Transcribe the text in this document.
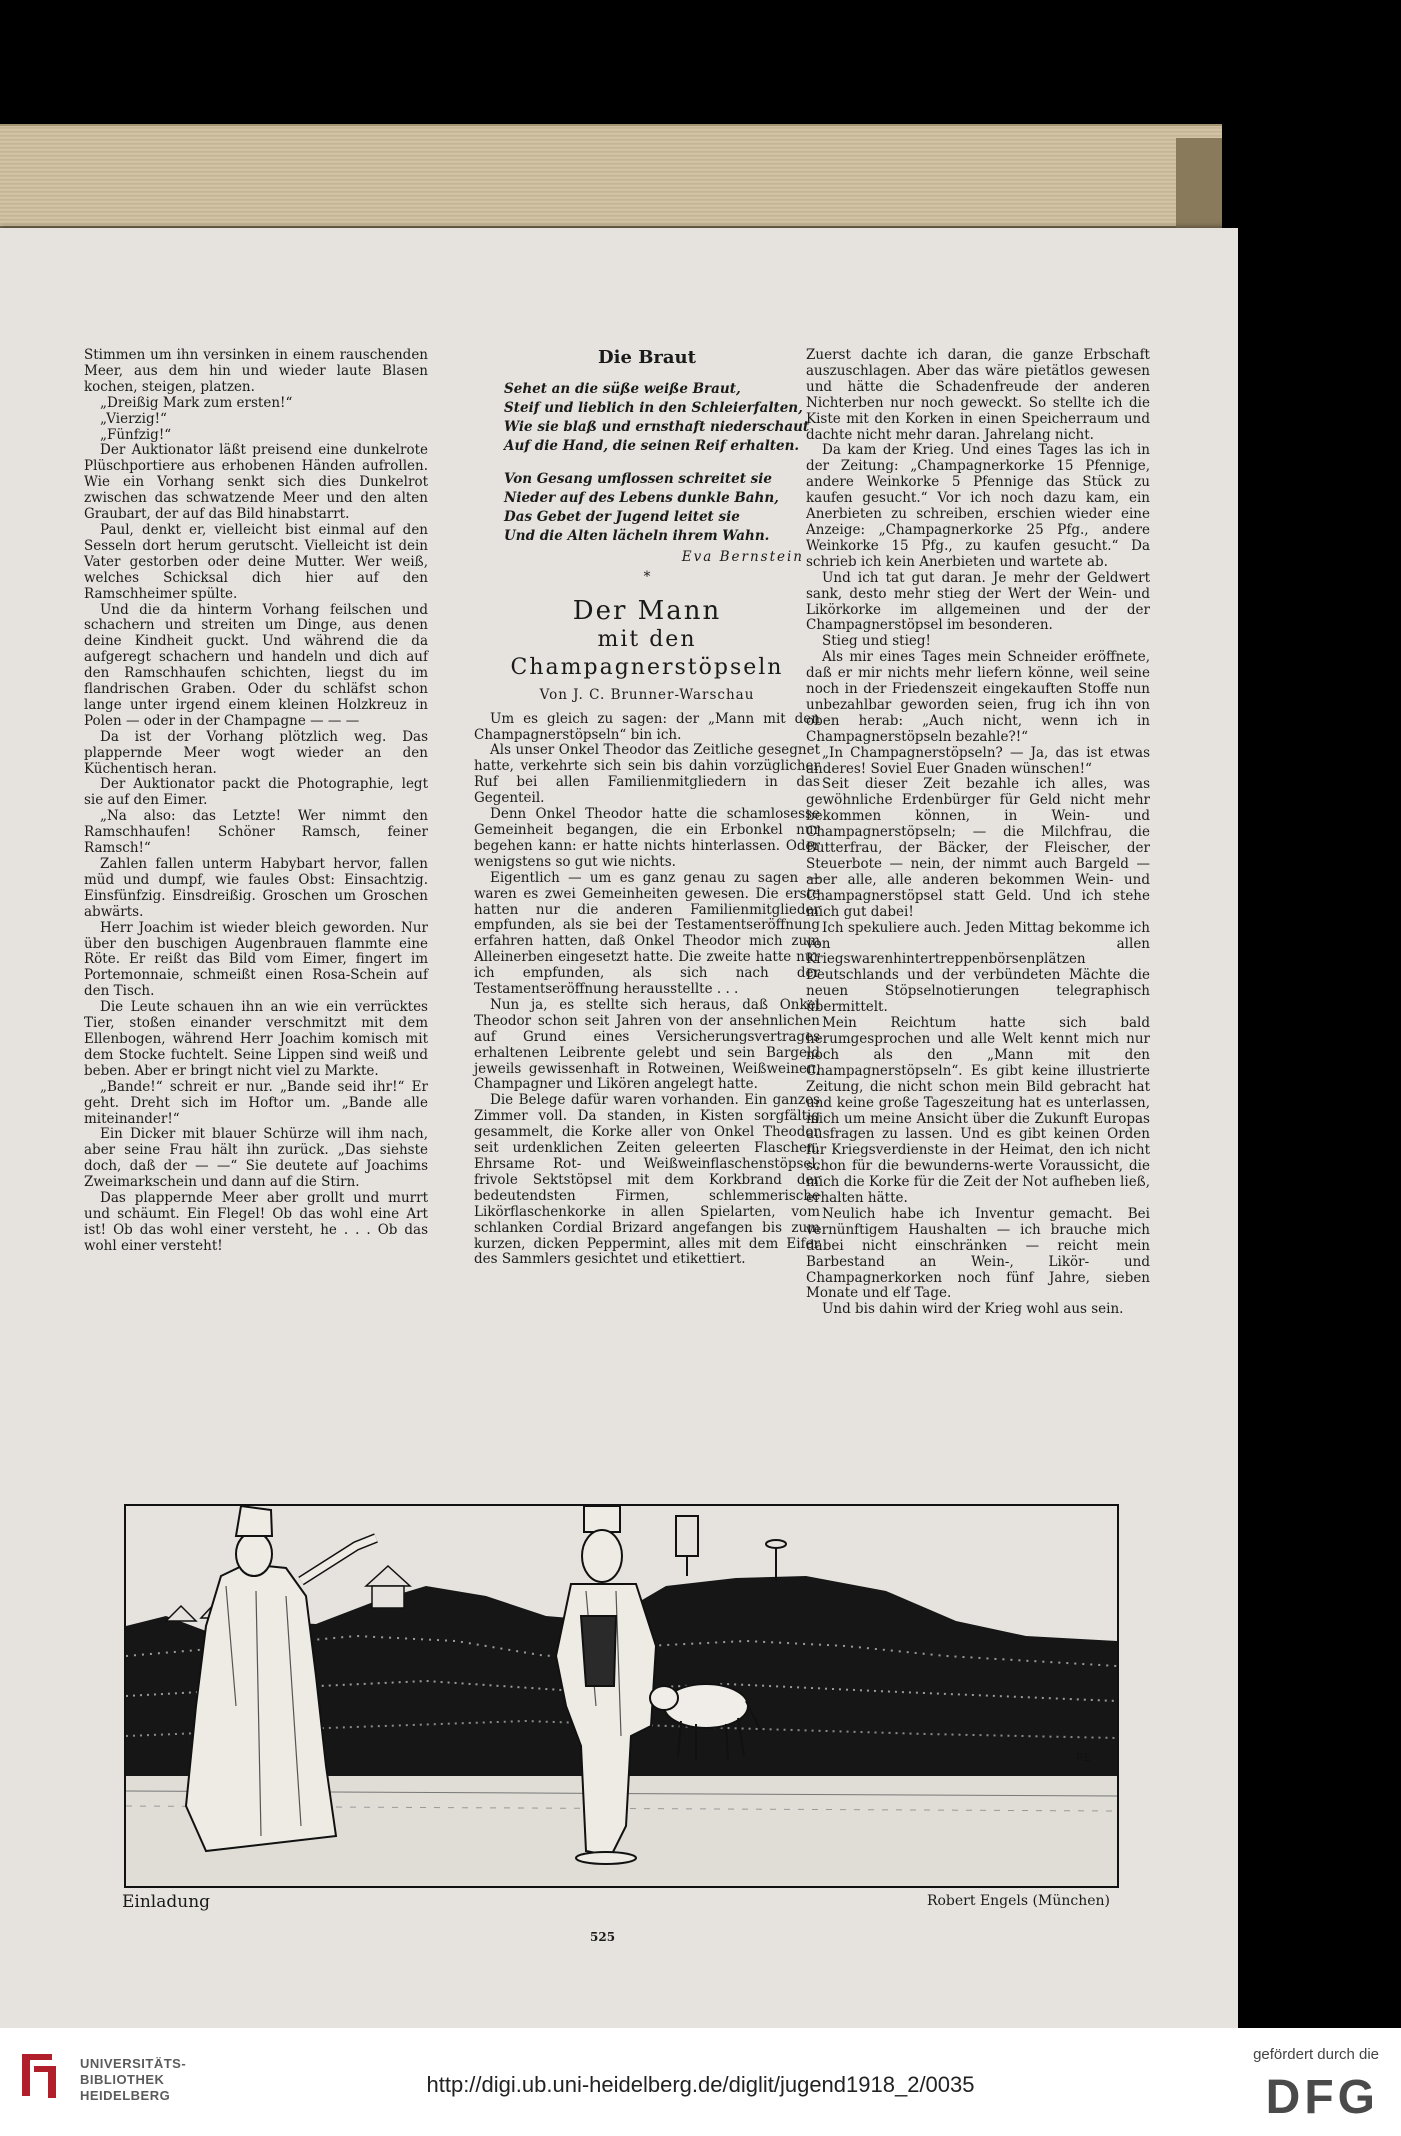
Stimmen um ihn versinken in einem rauschenden Meer, aus dem hin und wieder laute Blasen kochen, steigen, platzen.

„Dreißig Mark zum ersten!“

„Vierzig!“

„Fünfzig!“

Der Auktionator läßt preisend eine dunkelrote Plüschportiere aus erhobenen Händen aufrollen. Wie ein Vorhang senkt sich dies Dunkelrot zwischen das schwatzende Meer und den alten Graubart, der auf das Bild hinabstarrt.

Paul, denkt er, vielleicht bist einmal auf den Sesseln dort herum gerutscht. Vielleicht ist dein Vater gestorben oder deine Mutter. Wer weiß, welches Schicksal dich hier auf den Ramschheimer spülte.

Und die da hinterm Vorhang feilschen und schachern und streiten um Dinge, aus denen deine Kindheit guckt. Und während die da aufgeregt schachern und handeln und dich auf den Ramschhaufen schichten, liegst du im flandrischen Graben. Oder du schläfst schon lange unter irgend einem kleinen Holzkreuz in Polen — oder in der Champagne — — —

Da ist der Vorhang plötzlich weg. Das plappernde Meer wogt wieder an den Küchentisch heran.

Der Auktionator packt die Photographie, legt sie auf den Eimer.

„Na also: das Letzte! Wer nimmt den Ramschhaufen! Schöner Ramsch, feiner Ramsch!“

Zahlen fallen unterm Habybart hervor, fallen müd und dumpf, wie faules Obst: Einsachtzig. Einsfünfzig. Einsdreißig. Groschen um Groschen abwärts.

Herr Joachim ist wieder bleich geworden. Nur über den buschigen Augenbrauen flammte eine Röte. Er reißt das Bild vom Eimer, fingert im Portemonnaie, schmeißt einen Rosa-Schein auf den Tisch.

Die Leute schauen ihn an wie ein verrücktes Tier, stoßen einander verschmitzt mit dem Ellenbogen, während Herr Joachim komisch mit dem Stocke fuchtelt. Seine Lippen sind weiß und beben. Aber er bringt nicht viel zu Markte.

„Bande!“ schreit er nur. „Bande seid ihr!“ Er geht. Dreht sich im Hoftor um. „Bande alle miteinander!“

Ein Dicker mit blauer Schürze will ihm nach, aber seine Frau hält ihn zurück. „Das siehste doch, daß der — —“ Sie deutete auf Joachims Zweimarkschein und dann auf die Stirn.

Das plappernde Meer aber grollt und murrt und schäumt. Ein Flegel! Ob das wohl eine Art ist! Ob das wohl einer versteht, he . . . Ob das wohl einer versteht!

Die Braut
Sehet an die süße weiße Braut,
Steif und lieblich in den Schleierfalten,
Wie sie blaß und ernsthaft niederschaut
Auf die Hand, die seinen Reif erhalten.
Von Gesang umflossen schreitet sie
Nieder auf des Lebens dunkle Bahn,
Das Gebet der Jugend leitet sie
Und die Alten lächeln ihrem Wahn.
Eva Bernstein
*
Der Mann
mit den Champagnerstöpseln
Von J. C. Brunner-Warschau

Um es gleich zu sagen: der „Mann mit den Champagnerstöpseln“ bin ich.

Als unser Onkel Theodor das Zeitliche gesegnet hatte, verkehrte sich sein bis dahin vorzüglicher Ruf bei allen Familienmitgliedern in das Gegenteil.

Denn Onkel Theodor hatte die schamlosesse Gemeinheit begangen, die ein Erbonkel nur begehen kann: er hatte nichts hinterlassen. Oder wenigstens so gut wie nichts.

Eigentlich — um es ganz genau zu sagen — waren es zwei Gemeinheiten gewesen. Die erste hatten nur die anderen Familienmitglieder empfunden, als sie bei der Testamentseröffnung erfahren hatten, daß Onkel Theodor mich zum Alleinerben eingesetzt hatte. Die zweite hatte nur ich empfunden, als sich nach der Testamentseröffnung herausstellte . . .

Nun ja, es stellte sich heraus, daß Onkel Theodor schon seit Jahren von der ansehnlichen auf Grund eines Versicherungsvertrages erhaltenen Leibrente gelebt und sein Bargeld jeweils gewissenhaft in Rotweinen, Weißweinen, Champagner und Likören angelegt hatte.

Die Belege dafür waren vorhanden. Ein ganzes Zimmer voll. Da standen, in Kisten sorgfältig gesammelt, die Korke aller von Onkel Theodor seit urdenklichen Zeiten geleerten Flaschen. Ehrsame Rot- und Weißweinflaschenstöpsel, frivole Sektstöpsel mit dem Korkbrand der bedeutendsten Firmen, schlemmerische Likörflaschenkorke in allen Spielarten, vom schlanken Cordial Brizard angefangen bis zum kurzen, dicken Peppermint, alles mit dem Eifer des Sammlers gesichtet und etikettiert.

Zuerst dachte ich daran, die ganze Erbschaft auszuschlagen. Aber das wäre pietätlos gewesen und hätte die Schadenfreude der anderen Nichterben nur noch geweckt. So stellte ich die Kiste mit den Korken in einen Speicherraum und dachte nicht mehr daran. Jahrelang nicht.

Da kam der Krieg. Und eines Tages las ich in der Zeitung: „Champagnerkorke 15 Pfennige, andere Weinkorke 5 Pfennige das Stück zu kaufen gesucht.“ Vor ich noch dazu kam, ein Anerbieten zu schreiben, erschien wieder eine Anzeige: „Champagnerkorke 25 Pfg., andere Weinkorke 15 Pfg., zu kaufen gesucht.“ Da schrieb ich kein Anerbieten und wartete ab.

Und ich tat gut daran. Je mehr der Geldwert sank, desto mehr stieg der Wert der Wein- und Likörkorke im allgemeinen und der der Champagnerstöpsel im besonderen.

Stieg und stieg!

Als mir eines Tages mein Schneider eröffnete, daß er mir nichts mehr liefern könne, weil seine noch in der Friedenszeit eingekauften Stoffe nun unbezahlbar geworden seien, frug ich ihn von oben herab: „Auch nicht, wenn ich in Champagnerstöpseln bezahle?!“

„In Champagnerstöpseln? — Ja, das ist etwas anderes! Soviel Euer Gnaden wünschen!“

Seit dieser Zeit bezahle ich alles, was gewöhnliche Erdenbürger für Geld nicht mehr bekommen können, in Wein- und Champagnerstöpseln; — die Milchfrau, die Butterfrau, der Bäcker, der Fleischer, der Steuerbote — nein, der nimmt auch Bargeld — aber alle, alle anderen bekommen Wein- und Champagnerstöpsel statt Geld. Und ich stehe mich gut dabei!

Ich spekuliere auch. Jeden Mittag bekomme ich von allen Kriegswarenhintertreppenbörsenplätzen Deutschlands und der verbündeten Mächte die neuen Stöpselnotierungen telegraphisch übermittelt.

Mein Reichtum hatte sich bald herumgesprochen und alle Welt kennt mich nur noch als den „Mann mit den Champagnerstöpseln“. Es gibt keine illustrierte Zeitung, die nicht schon mein Bild gebracht hat und keine große Tageszeitung hat es unterlassen, mich um meine Ansicht über die Zukunft Europas ausfragen zu lassen. Und es gibt keinen Orden für Kriegsverdienste in der Heimat, den ich nicht schon für die bewunderns-werte Voraussicht, die mich die Korke für die Zeit der Not aufheben ließ, erhalten hätte.

Neulich habe ich Inventur gemacht. Bei vernünftigem Haushalten — ich brauche mich dabei nicht einschränken — reicht mein Barbestand an Wein-, Likör- und Champagnerkorken noch fünf Jahre, sieben Monate und elf Tage.

Und bis dahin wird der Krieg wohl aus sein.

RE
Einladung	Robert Engels (München)
525
UNIVERSITÄTS-
BIBLIOTHEK
HEIDELBERG	http://digi.ub.uni-heidelberg.de/diglit/jugend1918_2/0035
gefördert durch die
DFG
